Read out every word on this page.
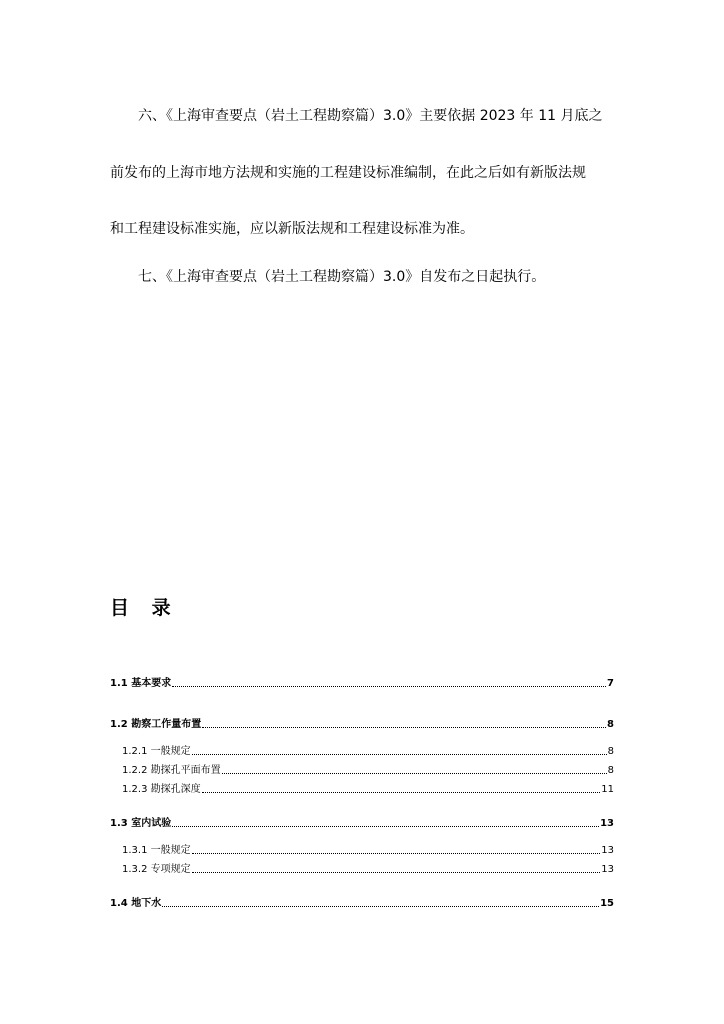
六、《上海审查要点（岩土工程勘察篇）3.0》主要依据 2023 年 11 月底之
前发布的上海市地方法规和实施的工程建设标准编制，在此之后如有新版法规
和工程建设标准实施，应以新版法规和工程建设标准为准。
七、《上海审查要点（岩土工程勘察篇）3.0》自发布之日起执行。
目 录
1.1 基本要求	7
1.2 勘察工作量布置	8
1.2.1 一般规定	8
1.2.2 勘探孔平面布置	8
1.2.3 勘探孔深度	11
1.3 室内试验	13
1.3.1 一般规定	13
1.3.2 专项规定	13
1.4 地下水	15
